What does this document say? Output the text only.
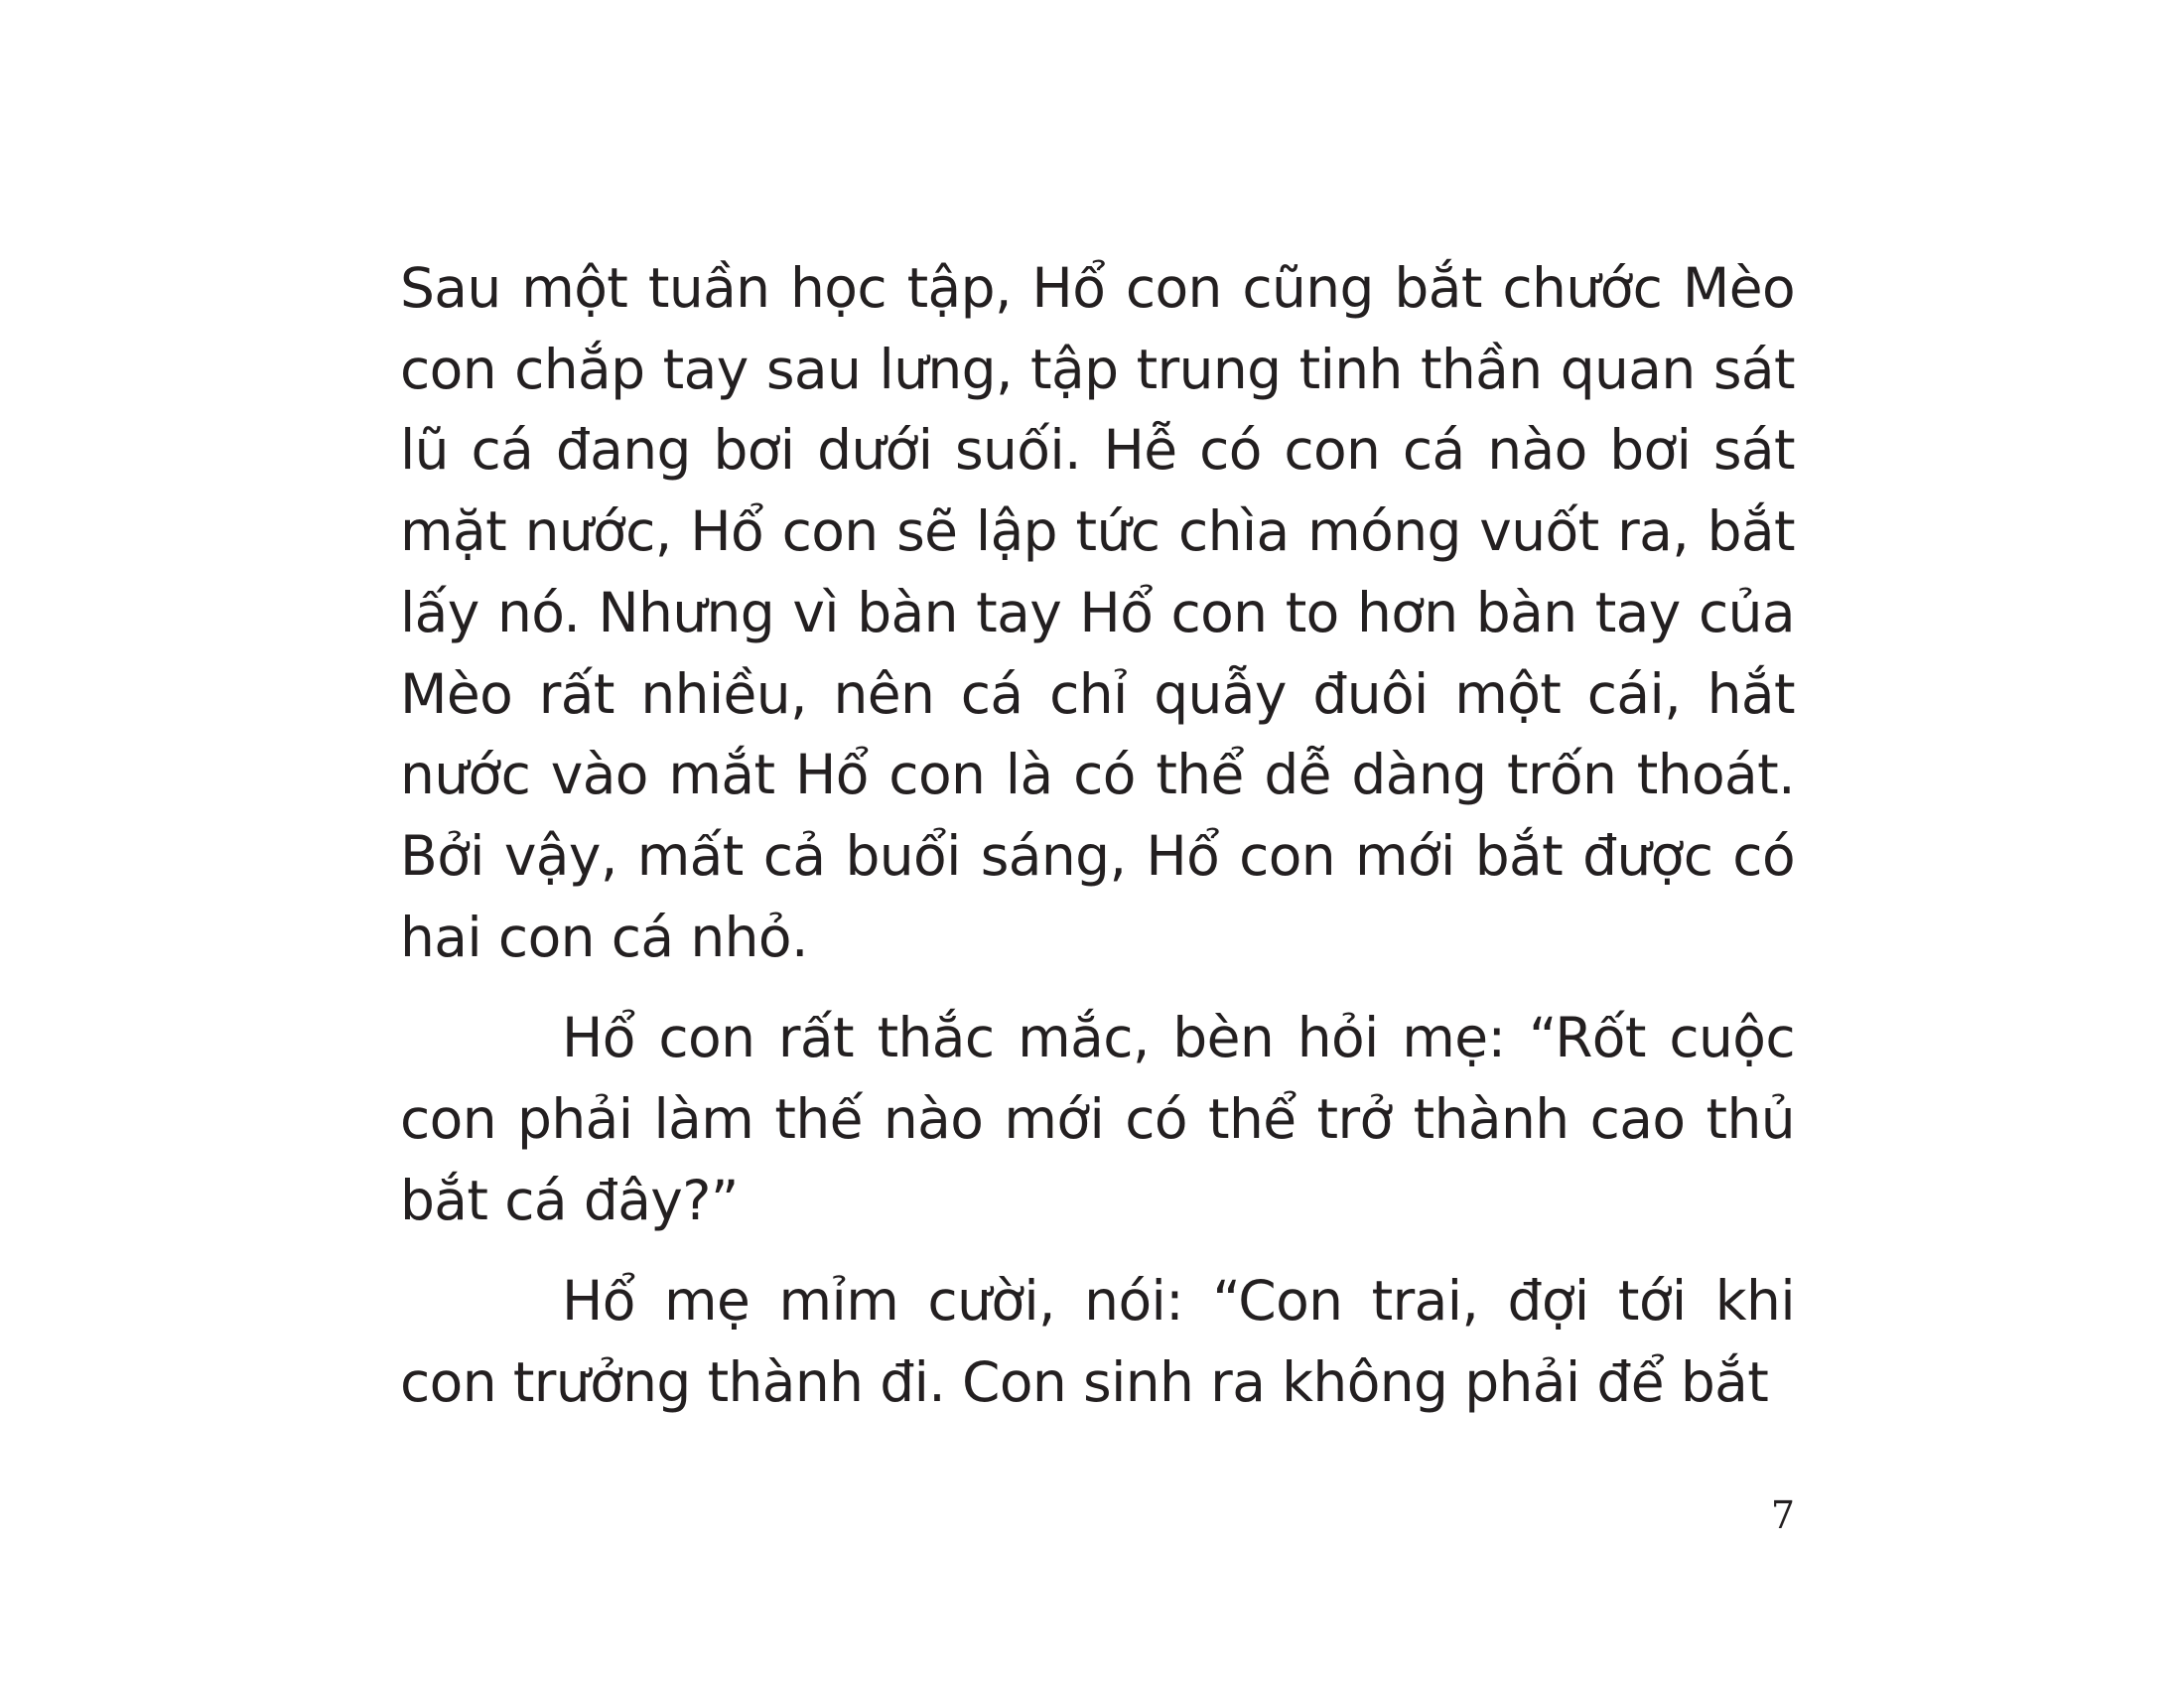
Sau một tuần học tập, Hổ con cũng bắt chước Mèo con chắp tay sau lưng, tập trung tinh thần quan sát lũ cá đang bơi dưới suối. Hễ có con cá nào bơi sát mặt nước, Hổ con sẽ lập tức chìa móng vuốt ra, bắt lấy nó. Nhưng vì bàn tay Hổ con to hơn bàn tay của Mèo rất nhiều, nên cá chỉ quẫy đuôi một cái, hắt nước vào mắt Hổ con là có thể dễ dàng trốn thoát. Bởi vậy, mất cả buổi sáng, Hổ con mới bắt được có hai con cá nhỏ.

Hổ con rất thắc mắc, bèn hỏi mẹ: “Rốt cuộc con phải làm thế nào mới có thể trở thành cao thủ bắt cá đây?”

Hổ mẹ mỉm cười, nói: “Con trai, đợi tới khi con trưởng thành đi. Con sinh ra không phải để bắt

7
